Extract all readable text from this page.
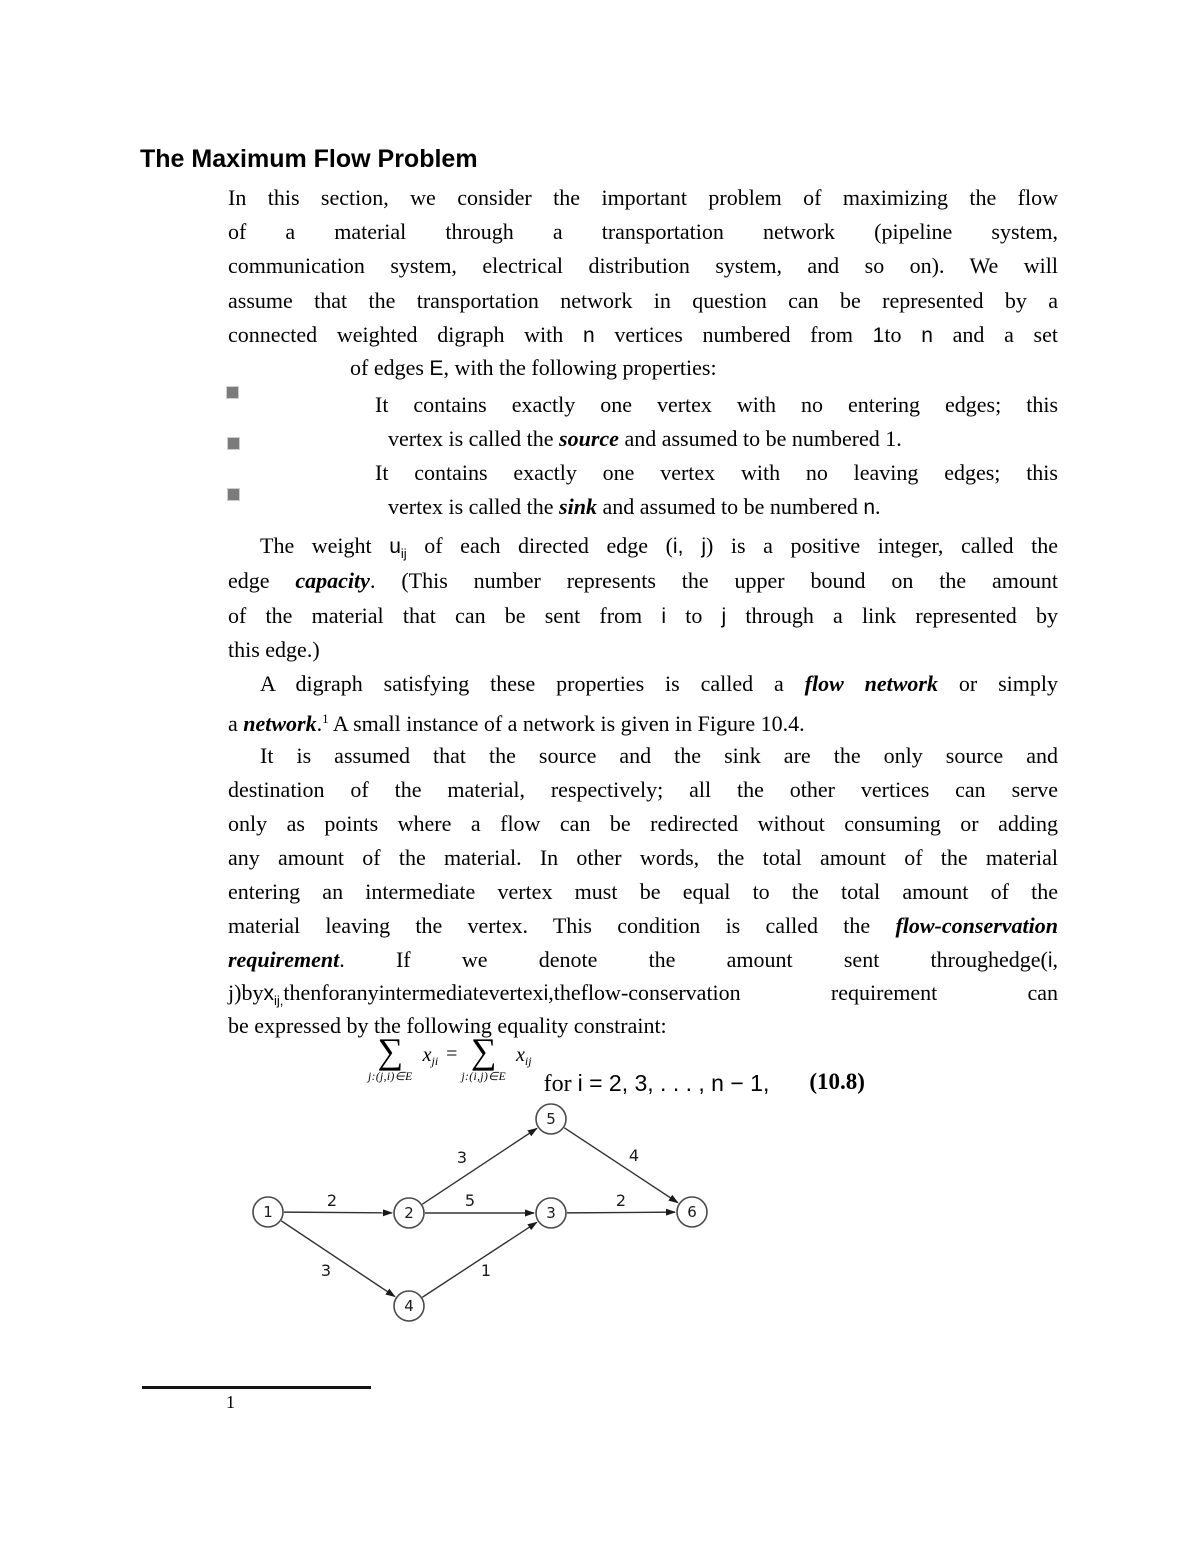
The Maximum Flow Problem
In this section, we consider the important problem of maximizing the flow
of a material through a transportation network (pipeline system,
communication system, electrical distribution system, and so on). We will
assume that the transportation network in question can be represented by a
connected weighted digraph with n vertices numbered from 1to n and a set
of edges E, with the following properties:
It contains exactly one vertex with no entering edges; this
vertex is called the source and assumed to be numbered 1.
It contains exactly one vertex with no leaving edges; this
vertex is called the sink and assumed to be numbered n.
The weight $u_{ij}$ of each directed edge (i, j) is a positive integer, called the
edge capacity. (This number represents the upper bound on the amount
of the material that can be sent from i to j through a link represented by
this edge.)
A digraph satisfying these properties is called a flow network or simply
a network.$^1$ A small instance of a network is given in Figure 10.4.
It is assumed that the source and the sink are the only source and
destination of the material, respectively; all the other vertices can serve
only as points where a flow can be redirected without consuming or adding
any amount of the material. In other words, the total amount of the material
entering an intermediate vertex must be equal to the total amount of the
material leaving the vertex. This condition is called the flow-conservation
requirement. If we denote the amount sent throughedge(i,
j)byx$_{ij,}$thenforanyintermediatevertexi,theflow-conservation requirement can
be expressed by the following equality constraint:
∑
j:(j,i)∈E
$x_{ji}$ = ∑
j:(i,j)∈E
$x_{ij}$
for i = 2, 3, . . . , n − 1, (10.8)
2	5	2
3	4
3	1
1	2	3
4
5
6
1
